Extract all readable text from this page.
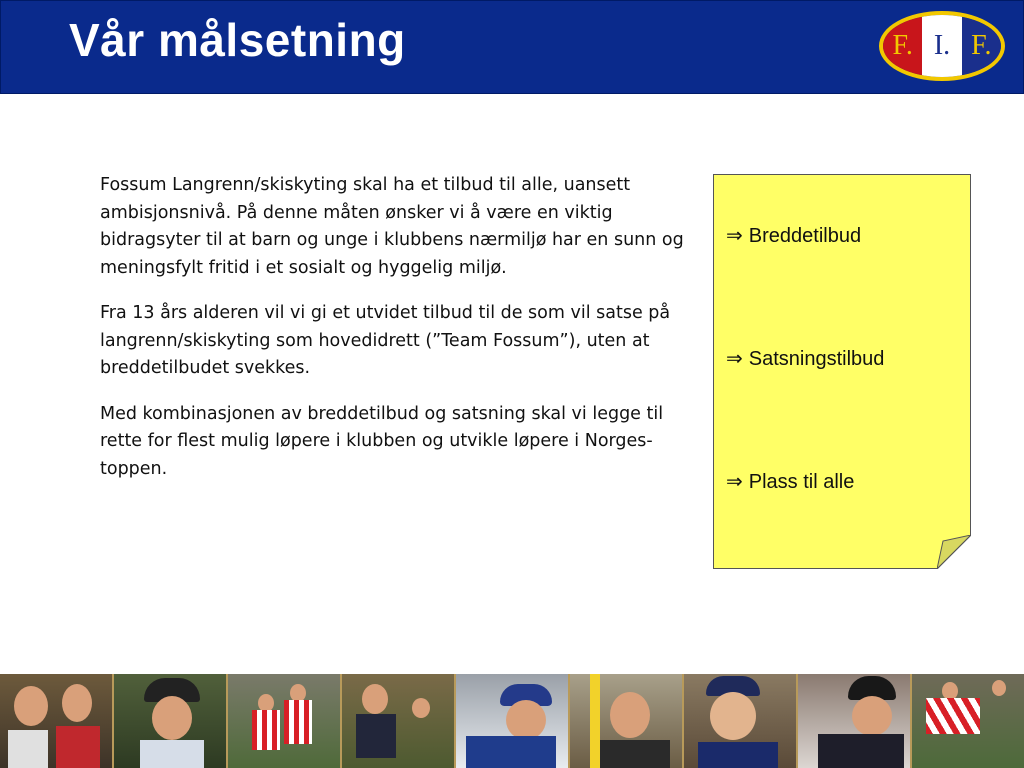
Vår målsetning	F. I. F.

Fossum Langrenn/skiskyting skal ha et tilbud til alle, uansett ambisjonsnivå. På denne måten ønsker vi å være en viktig bidragsyter til at barn og unge i klubbens nærmiljø har en sunn og meningsfylt fritid i et sosialt og hyggelig miljø.

Fra 13 års alderen vil vi gi et utvidet tilbud til de som vil satse på langrenn/skiskyting som hovedidrett (”Team Fossum”), uten at breddetilbudet svekkes.

Med kombinasjonen av breddetilbud og satsning skal vi legge til rette for flest mulig løpere i klubben og utvikle løpere i Norges-toppen.

⇒ Breddetilbud
⇒ Satsningstilbud
⇒ Plass til alle
